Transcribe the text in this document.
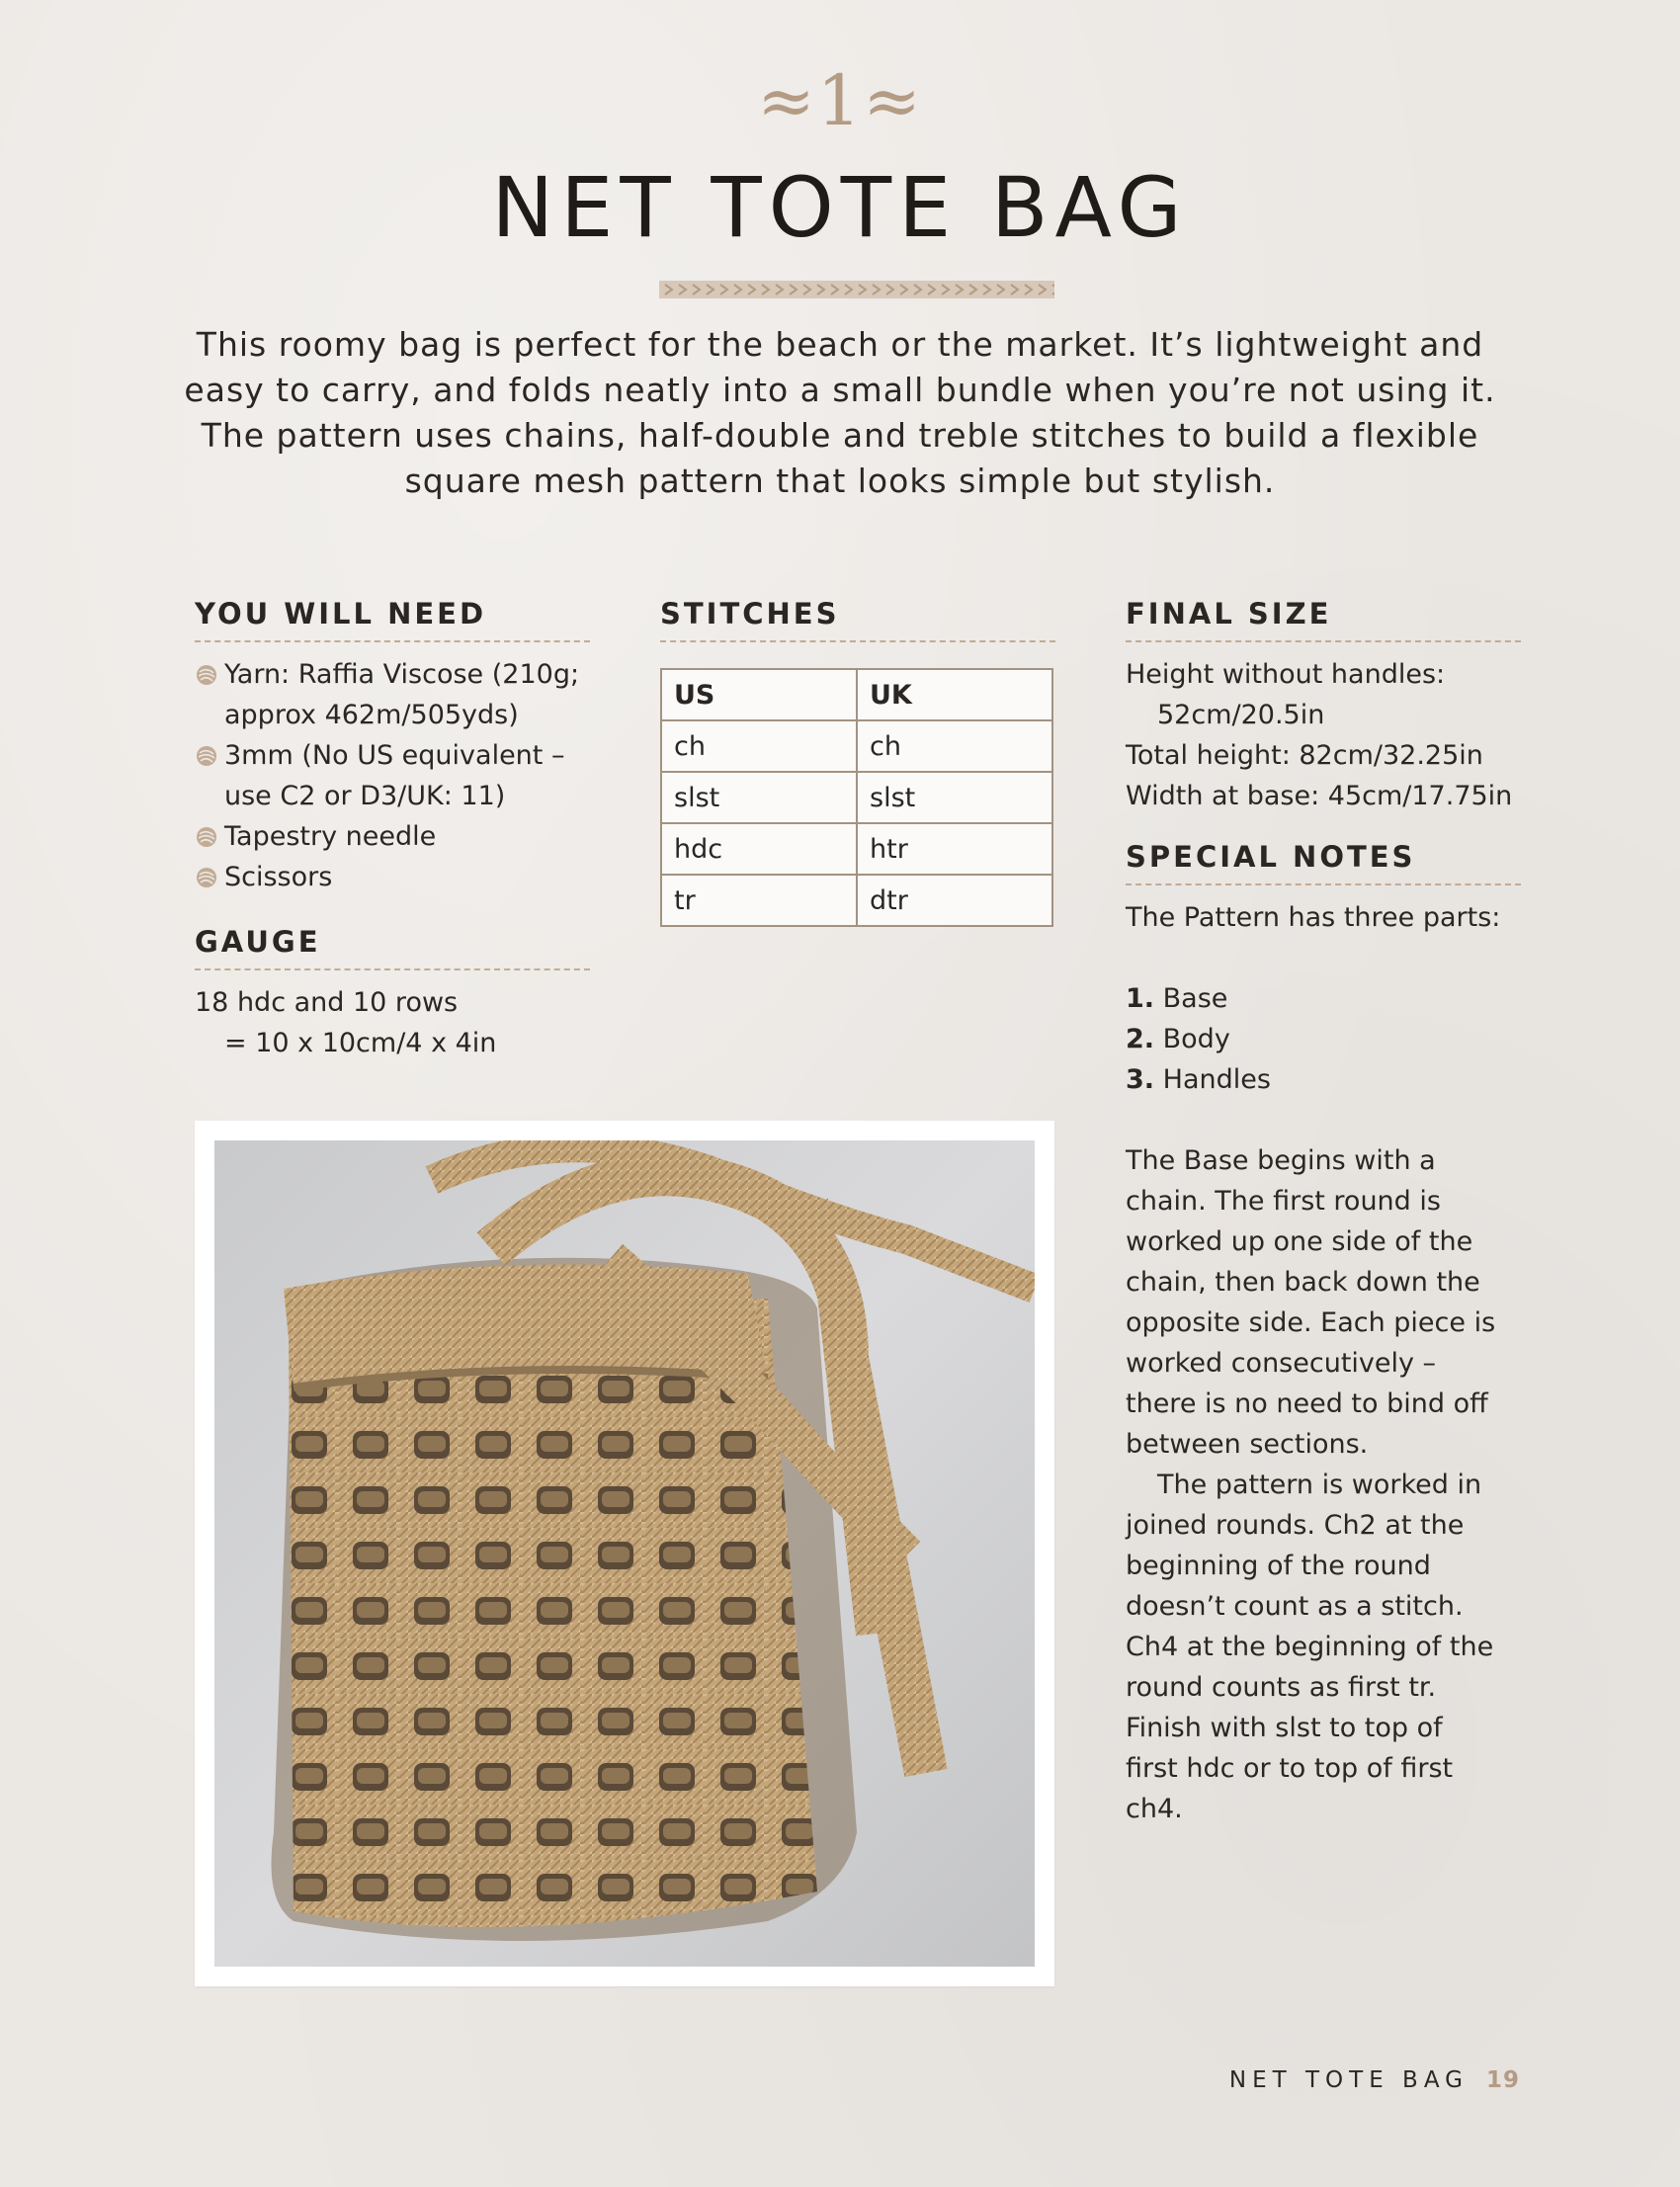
≈1≈
NET TOTE BAG

This roomy bag is perfect for the beach or the market. It’s lightweight and easy to carry, and folds neatly into a small bundle when you’re not using it. The pattern uses chains, half-double and treble stitches to build a flexible square mesh pattern that looks simple but stylish.

YOU WILL NEED
Yarn: Raffia Viscose (210g; approx 462m/505yds)
3mm (No US equivalent – use C2 or D3/UK: 11)
Tapestry needle
Scissors
GAUGE
18 hdc and 10 rows
= 10 x 10cm/4 x 4in
STITCHES
US	UK
ch	ch
slst	slst
hdc	htr
tr	dtr
FINAL SIZE
Height without handles:
52cm/20.5in
Total height: 82cm/32.25in
Width at base: 45cm/17.75in
SPECIAL NOTES
The Pattern has three parts:
1. Base
2. Body
3. Handles
The Base begins with a chain. The first round is worked up one side of the chain, then back down the opposite side. Each piece is worked consecutively – there is no need to bind off between sections.
The pattern is worked in joined rounds. Ch2 at the beginning of the round doesn’t count as a stitch. Ch4 at the beginning of the round counts as first tr. Finish with slst to top of first hdc or to top of first ch4.
NET TOTE BAG 19
